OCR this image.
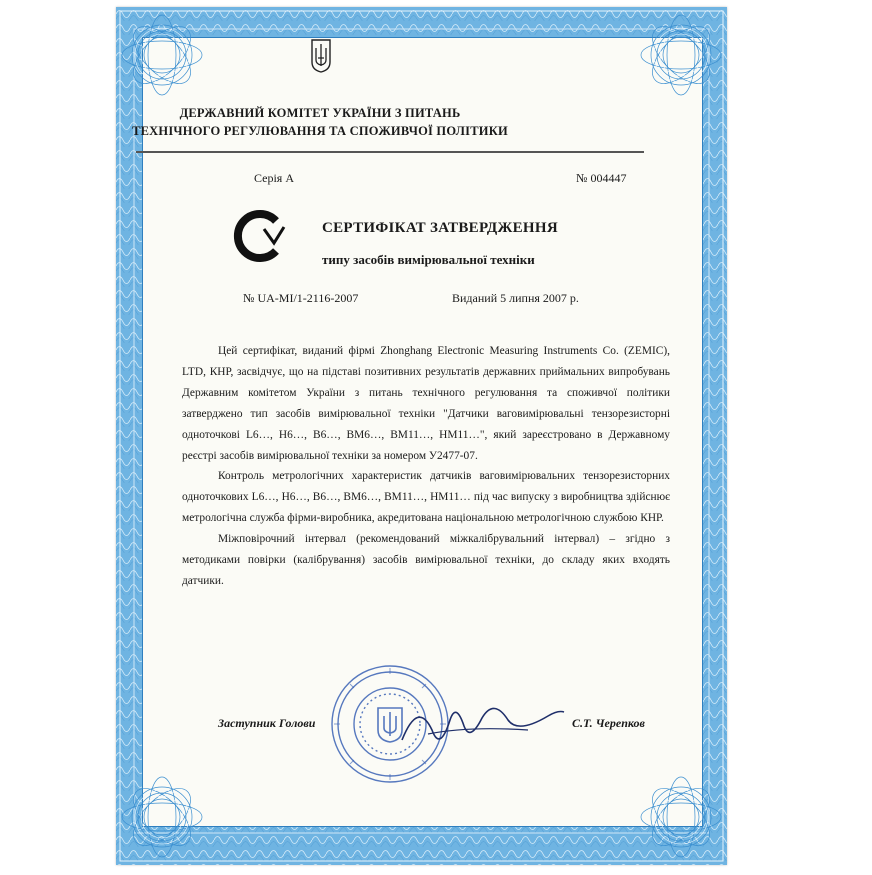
ДЕРЖАВНИЙ КОМІТЕТ УКРАЇНИ З ПИТАНЬ
ТЕХНІЧНОГО РЕГУЛЮВАННЯ ТА СПОЖИВЧОЇ ПОЛІТИКИ
Серія А	№ 004447
СЕРТИФІКАТ ЗАТВЕРДЖЕННЯ
типу засобів вимірювальної техніки
№ UA-MI/1-2116-2007	Виданий 5 липня 2007 р.

Цей сертифікат, виданий фірмі Zhonghang Electronic Measuring Instruments Co. (ZEMIC), LTD, КНР, засвідчує, що на підставі позитивних результатів державних приймальних випробувань Державним комітетом України з питань технічного регулювання та споживчої політики затверджено тип засобів вимірювальної техніки "Датчики ваговимірювальні тензорезисторні одноточкові L6…, H6…, B6…, BM6…, BM11…, HM11…", який зареєстровано в Державному реєстрі засобів вимірювальної техніки за номером У2477-07.

Контроль метрологічних характеристик датчиків ваговимірювальних тензорезисторних одноточкових L6…, H6…, B6…, BM6…, BM11…, HM11… під час випуску з виробництва здійснює метрологічна служба фірми-виробника, акредитована національною метрологічною службою КНР.

Міжповірочний інтервал (рекомендований міжкалібрувальний інтервал) – згідно з методиками повірки (калібрування) засобів вимірювальної техніки, до складу яких входять датчики.

Заступник Голови	С.Т. Черепков
